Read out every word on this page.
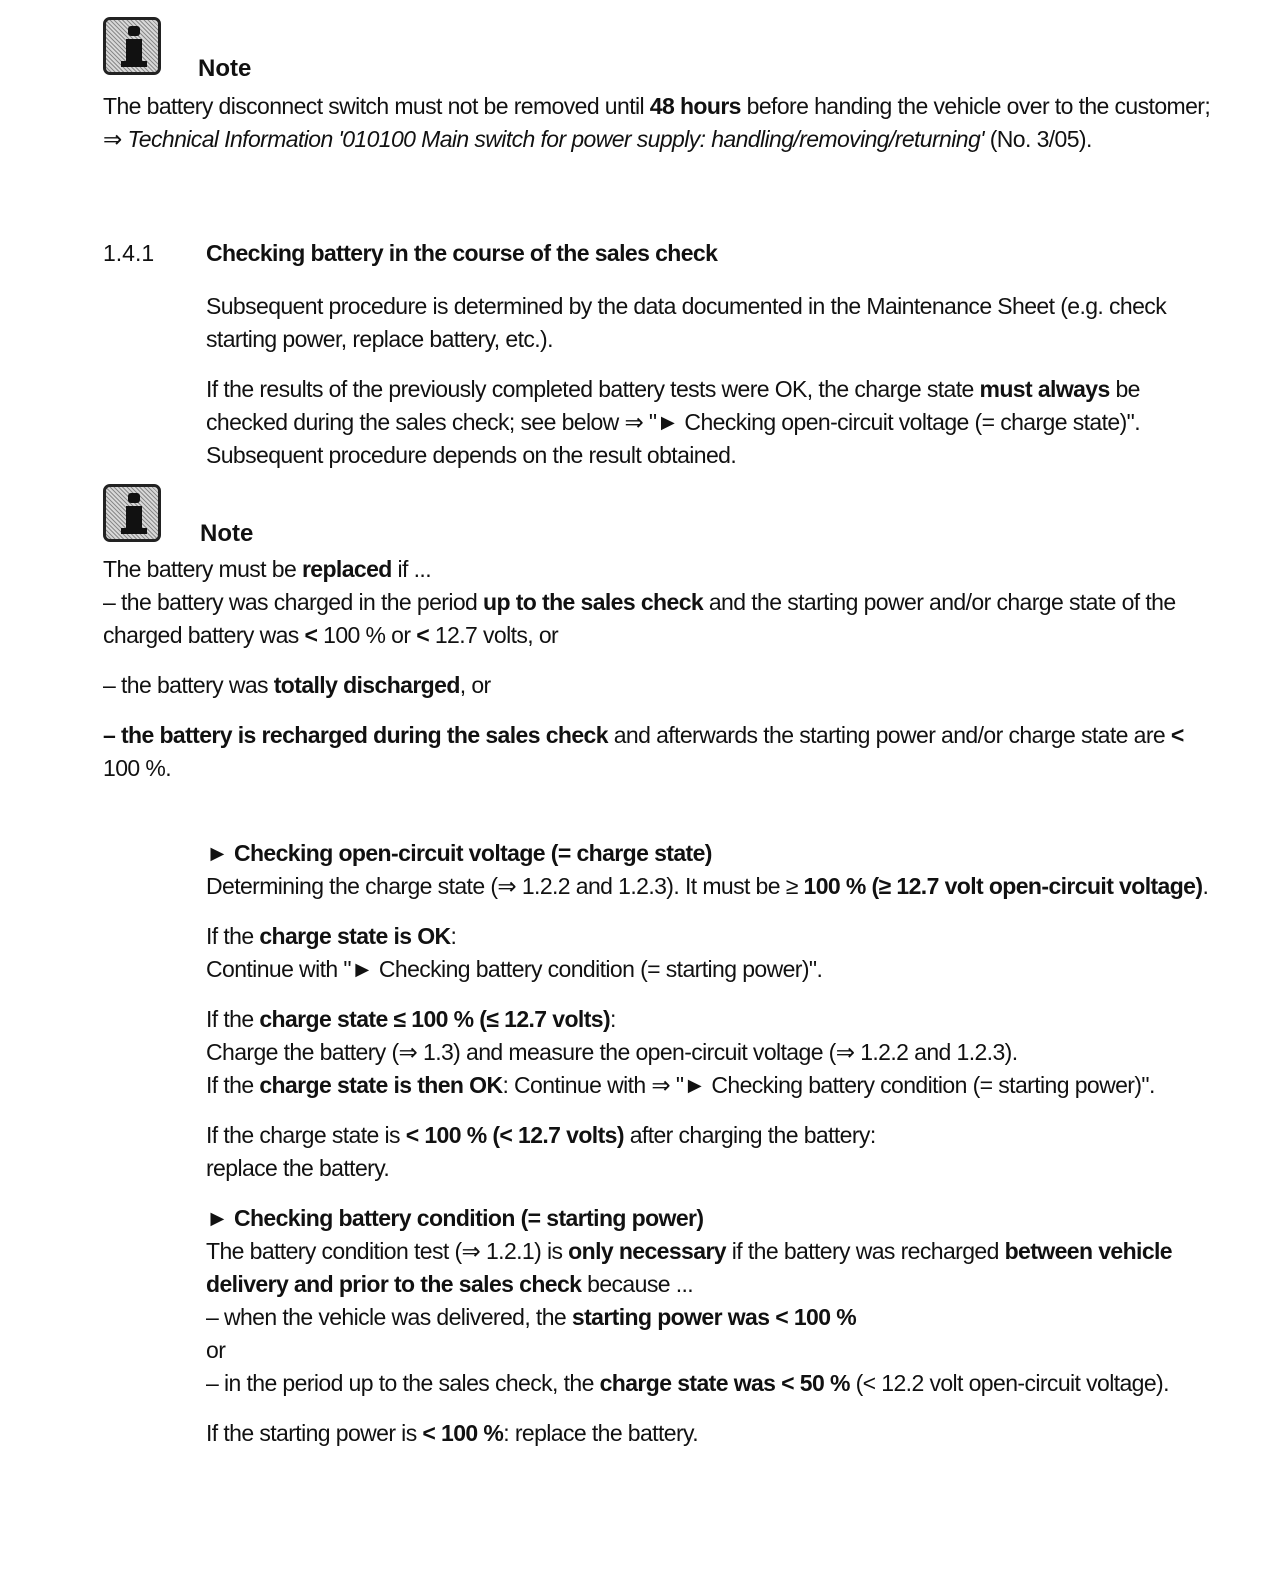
Note
The battery disconnect switch must not be removed until 48 hours before handing the vehicle over to the customer; ⇒ Technical Information '010100 Main switch for power supply: handling/removing/returning' (No. 3/05).
1.4.1 Checking battery in the course of the sales check

Subsequent procedure is determined by the data documented in the Maintenance Sheet (e.g. check starting power, replace battery, etc.).

If the results of the previously completed battery tests were OK, the charge state must always be checked during the sales check; see below ⇒ "► Checking open-circuit voltage (= charge state)". Subsequent procedure depends on the result obtained.

Note

The battery must be replaced if ...

– the battery was charged in the period up to the sales check and the starting power and/or charge state of the charged battery was < 100 % or < 12.7 volts, or

– the battery was totally discharged, or

– the battery is recharged during the sales check and afterwards the starting power and/or charge state are < 100 %.

► Checking open-circuit voltage (= charge state)

Determining the charge state (⇒ 1.2.2 and 1.2.3). It must be ≥ 100 % (≥ 12.7 volt open-circuit voltage).

If the charge state is OK:

Continue with "► Checking battery condition (= starting power)".

If the charge state ≤ 100 % (≤ 12.7 volts):

Charge the battery (⇒ 1.3) and measure the open-circuit voltage (⇒ 1.2.2 and 1.2.3).

If the charge state is then OK: Continue with ⇒ "► Checking battery condition (= starting power)".

If the charge state is < 100 % (< 12.7 volts) after charging the battery:

replace the battery.

► Checking battery condition (= starting power)

The battery condition test (⇒ 1.2.1) is only necessary if the battery was recharged between vehicle delivery and prior to the sales check because ...

– when the vehicle was delivered, the starting power was < 100 %

or

– in the period up to the sales check, the charge state was < 50 % (< 12.2 volt open-circuit voltage).

If the starting power is < 100 %: replace the battery.
